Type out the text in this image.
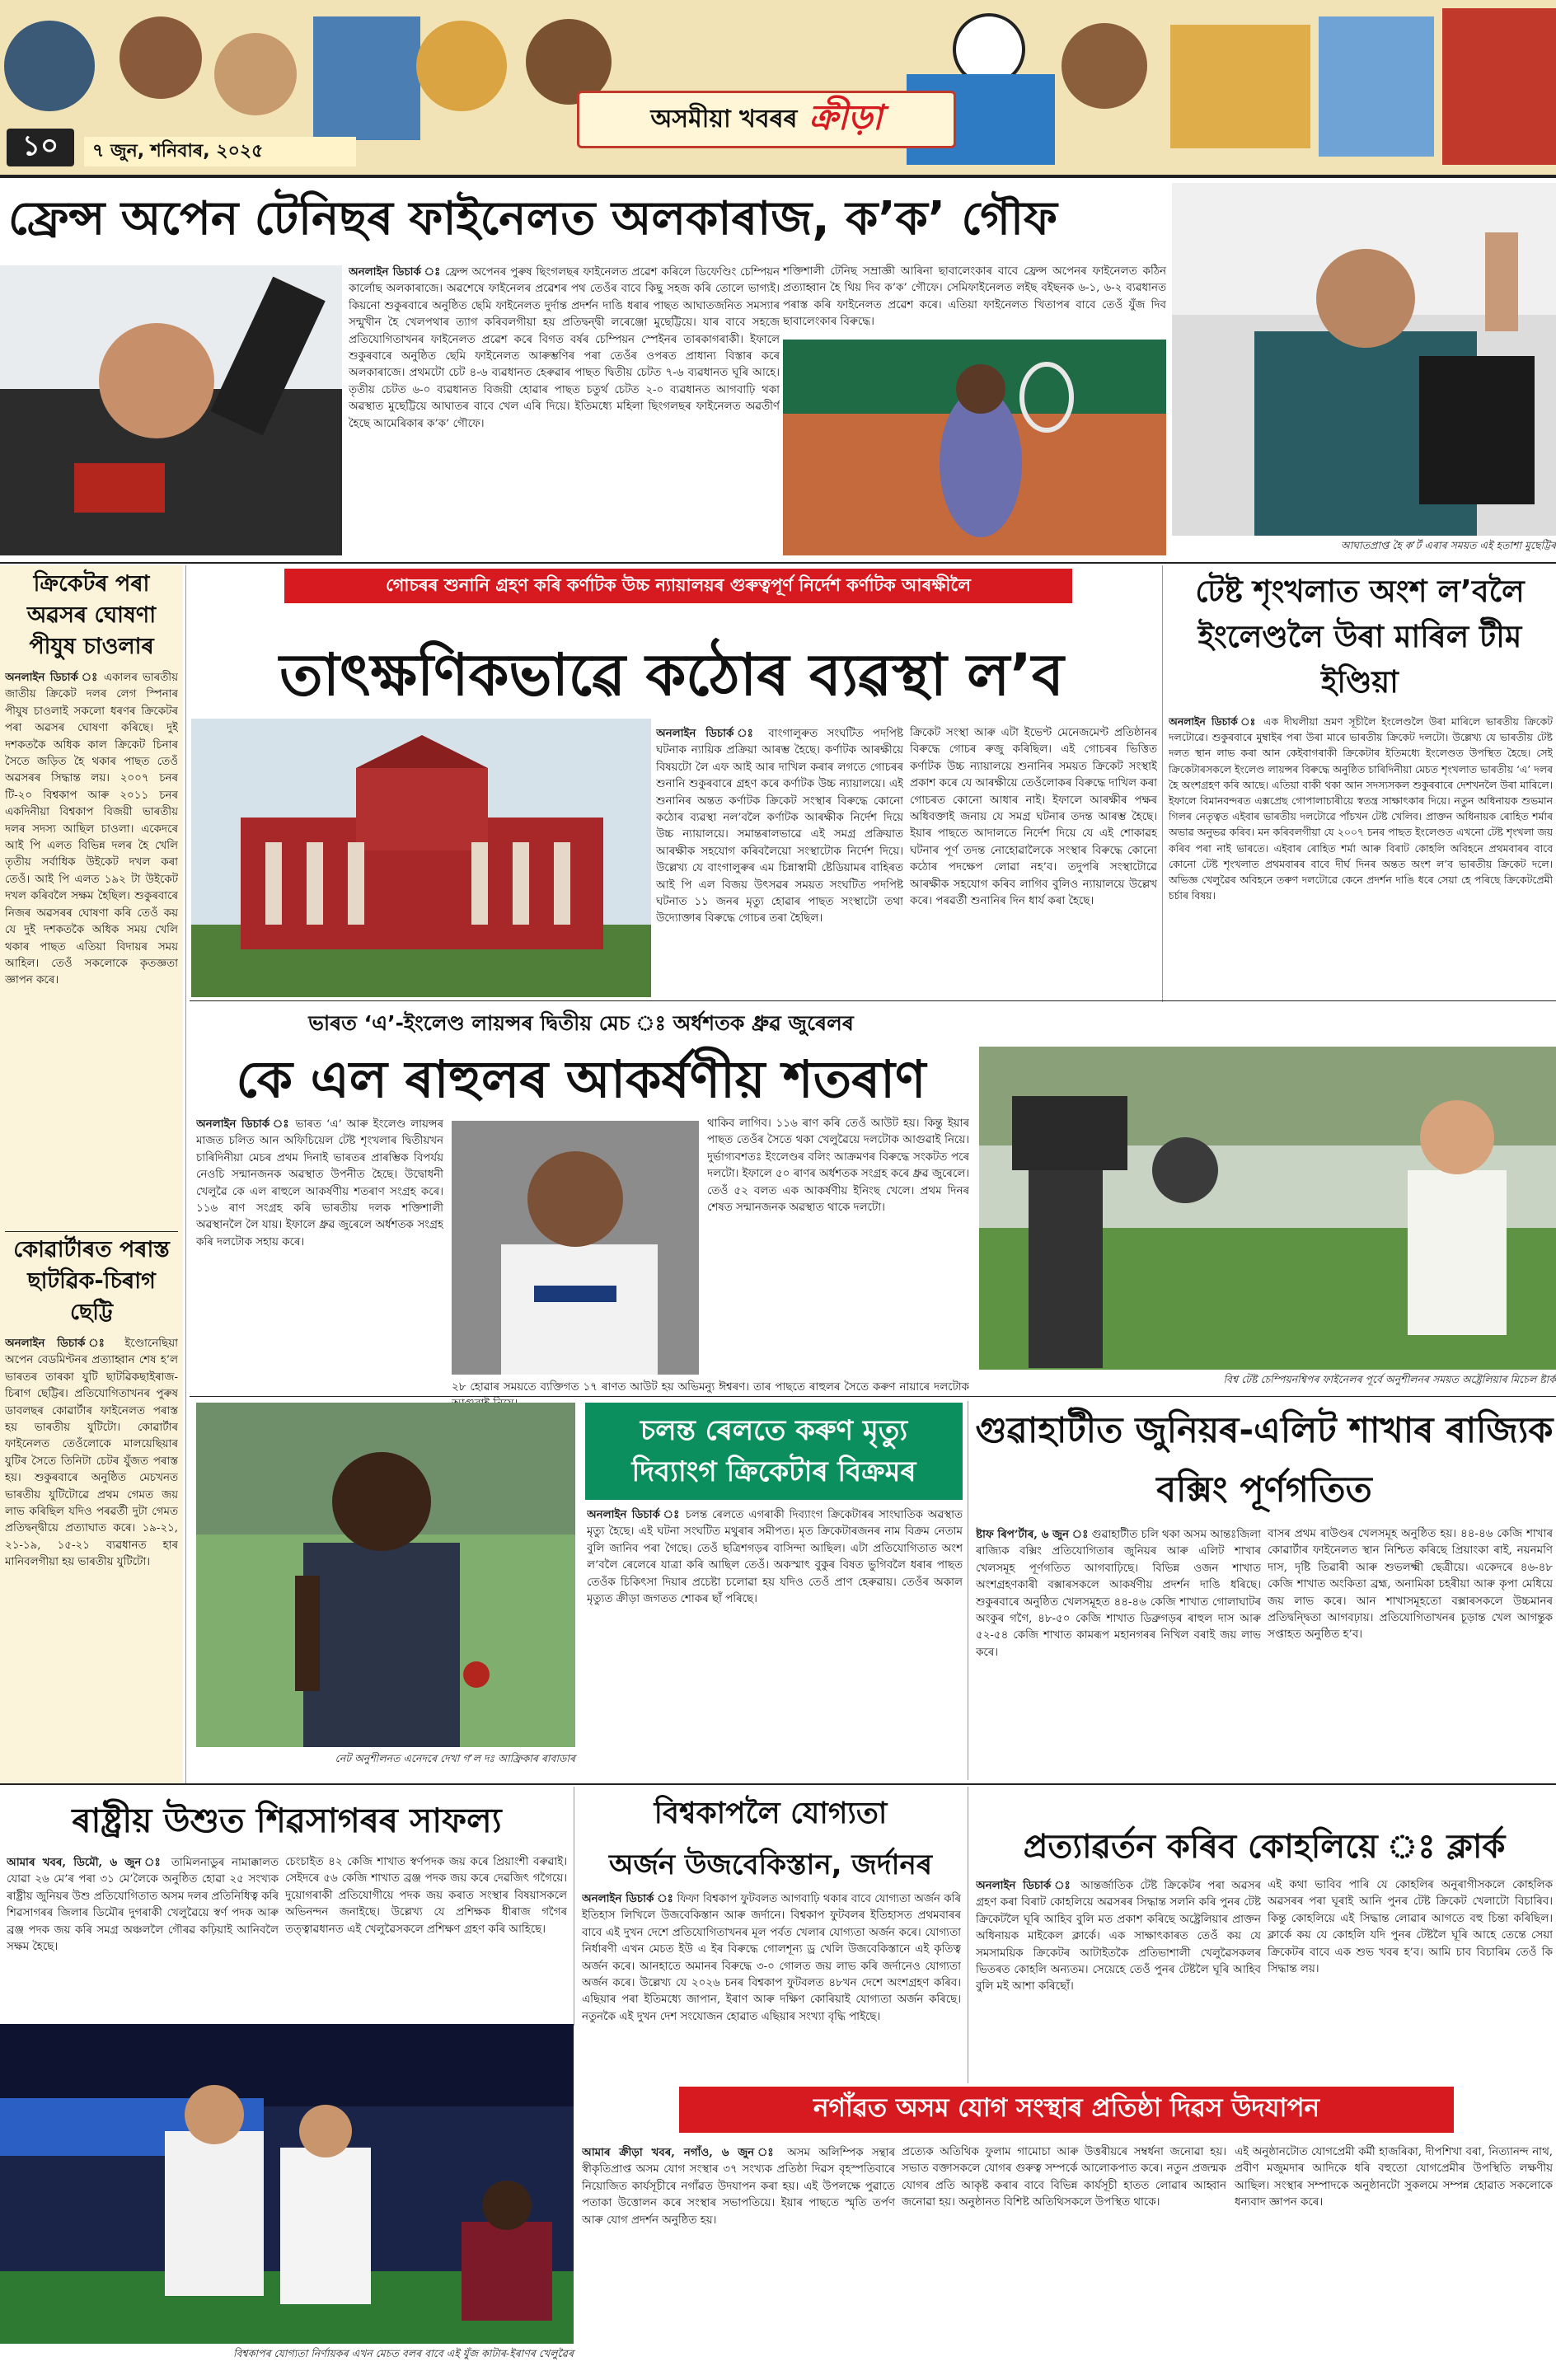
অসমীয়া খবৰৰ ক্ৰীড়া
১০ ৭ জুন, শনিবাৰ, ২০২৫
ফ্ৰেন্স অপেন টেনিছৰ ফাইনেলত অলকাৰাজ, ক’ক’ গৌফ
অনলাইন ডিচাৰ্ক ঃ ফ্ৰেন্স অপেনৰ পুৰুষ ছিংগলছৰ ফাইনেলত প্ৰৱেশ কৰিলে ডিফেণ্ডিং চেম্পিয়ন কাৰ্লোছ অলকাৰাজে। অৱশেষে ফাইনেলৰ প্ৰৱেশৰ পথ তেওঁৰ বাবে কিছু সহজ কৰি তোলে ভাগ্যই। কিয়নো শুকুৰবাৰে অনুষ্ঠিত ছেমি ফাইনেলত দুৰ্দান্ত প্ৰদৰ্শন দাঙি ধৰাৰ পাছত আঘাতজনিত সমস্যাৰ সন্মুখীন হৈ খেলপথাৰ ত্যাগ কৰিবলগীয়া হয় প্ৰতিদ্বন্দ্বী লৰেঞ্জো মুছেট্টিয়ে। যাৰ বাবে সহজে প্ৰতিযোগিতাখনৰ ফাইনেলত প্ৰৱেশ কৰে বিগত বৰ্ষৰ চেম্পিয়ন স্পেইনৰ তাৰকাগৰাকী। ইফালে শুকুৰবাৰে অনুষ্ঠিত ছেমি ফাইনেলত আৰুম্ভণিৰ পৰা তেওঁৰ ওপৰত প্ৰাধান্য বিস্তাৰ কৰে অলকাৰাজে। প্ৰথমটো চেট ৪-৬ ব্যৱধানত হেৰুৱাৰ পাছত দ্বিতীয় চেটত ৭-৬ ব্যৱধানত ঘূৰি আহে। তৃতীয় চেটত ৬-০ ব্যৱধানত বিজয়ী হোৱাৰ পাছত চতুৰ্থ চেটত ২-০ ব্যৱধানত আগবাঢ়ি থকা অৱস্থাত মুছেট্টিয়ে আঘাতৰ বাবে খেল এৰি দিয়ে। ইতিমধ্যে মহিলা ছিংগলছৰ ফাইনেলত অৱতীৰ্ণ হৈছে আমেৰিকাৰ ক’ক’ গৌফে।
শক্তিশালী টেনিছ সম্ৰাজ্ঞী আৰিনা ছাবালেংকাৰ বাবে ফ্ৰেন্স অপেনৰ ফাইনেলত কঠিন প্ৰত্যাহ্বান হৈ থিয় দিব ক’ক’ গৌফে। সেমিফাইনেলত লইছ বইছনক ৬-১, ৬-২ ব্যৱধানত পৰাস্ত কৰি ফাইনেলত প্ৰৱেশ কৰে। এতিয়া ফাইনেলত খিতাপৰ বাবে তেওঁ যুঁজ দিব ছাবালেংকাৰ বিৰুদ্ধে।
আঘাতপ্ৰাপ্ত হৈ ক’ৰ্ট এৰাৰ সময়ত এই হতাশা মুছেট্টিৰ
ক্ৰিকেটৰ পৰা অৱসৰ ঘোষণা পীযুষ চাওলাৰ
অনলাইন ডিচাৰ্ক ঃ একালৰ ভাৰতীয় জাতীয় ক্ৰিকেট দলৰ লেগ স্পিনাৰ পীযুষ চাওলাই সকলো ধৰণৰ ক্ৰিকেটৰ পৰা অৱসৰ ঘোষণা কৰিছে। দুই দশকতকৈ অধিক কাল ক্ৰিকেট চিনাৰ সৈতে জড়িত হৈ থকাৰ পাছত তেওঁ অৱসৰৰ সিদ্ধান্ত লয়। ২০০৭ চনৰ টি-২০ বিশ্বকাপ আৰু ২০১১ চনৰ একদিনীয়া বিশ্বকাপ বিজয়ী ভাৰতীয় দলৰ সদস্য আছিল চাওলা। একেদৰে আই পি এলত বিভিন্ন দলৰ হৈ খেলি তৃতীয় সৰ্বাধিক উইকেট দখল কৰা তেওঁ। আই পি এলত ১৯২ টা উইকেট দখল কৰিবলৈ সক্ষম হৈছিল। শুকুৰবাৰে নিজৰ অৱসৰৰ ঘোষণা কৰি তেওঁ কয় যে দুই দশকতকৈ অধিক সময় খেলি থকাৰ পাছত এতিয়া বিদায়ৰ সময় আহিল। তেওঁ সকলোকে কৃতজ্ঞতা জ্ঞাপন কৰে।
কোৱাৰ্টাৰত পৰাস্ত ছাটৱিক-চিৰাগ ছেট্টি
অনলাইন ডিচাৰ্ক ঃ ইণ্ডোনেছিয়া অপেন বেডমিণ্টনৰ প্ৰত্যাহ্বান শেষ হ’ল ভাৰতৰ তাৰকা যুটি ছাটৱিকছাইৰাজ-চিৰাগ ছেট্টিৰ। প্ৰতিযোগিতাখনৰ পুৰুষ ডাবলছৰ কোৱাৰ্টাৰ ফাইনেলত পৰাস্ত হয় ভাৰতীয় যুটিটো। কোৱাৰ্টাৰ ফাইনেলত তেওঁলোকে মালয়েছিয়াৰ যুটিৰ সৈতে তিনিটা চেটৰ যুঁজত পৰাস্ত হয়। শুকুৰবাৰে অনুষ্ঠিত মেচখনত ভাৰতীয় যুটিটোৱে প্ৰথম গেমত জয় লাভ কৰিছিল যদিও পৰৱৰ্তী দুটা গেমত প্ৰতিদ্বন্দ্বীয়ে প্ৰত্যাঘাত কৰে। ১৯-২১, ২১-১৯, ১৫-২১ ব্যৱধানত হাৰ মানিবলগীয়া হয় ভাৰতীয় যুটিটো।
গোচৰৰ শুনানি গ্ৰহণ কৰি কৰ্ণাটক উচ্চ ন্যায়ালয়ৰ গুৰুত্বপূৰ্ণ নিৰ্দেশ কৰ্ণাটক আৰক্ষীলৈ
তাৎক্ষণিকভাৱে কঠোৰ ব্যৱস্থা ল’ব
অনলাইন ডিচাৰ্ক ঃ বাংগালুৰুত সংঘটিত পদপিষ্ট ঘটনাক ন্যায়িক প্ৰক্ৰিয়া আৰম্ভ হৈছে। কৰ্ণাটক আৰক্ষীয়ে বিষয়টো লৈ এফ আই আৰ দাখিল কৰাৰ লগতে গোচৰৰ শুনানি শুকুৰবাৰে গ্ৰহণ কৰে কৰ্ণাটক উচ্চ ন্যায়ালয়ে। এই শুনানিৰ অন্তত কৰ্ণাটক ক্ৰিকেট সংস্থাৰ বিৰুদ্ধে কোনো কঠোৰ ব্যৱস্থা নল’বলৈ কৰ্ণাটক আৰক্ষীক নিৰ্দেশ দিয়ে উচ্চ ন্যায়ালয়ে। সমান্তৰালভাৱে এই সমগ্ৰ প্ৰক্ৰিয়াত আৰক্ষীক সহযোগ কৰিবলৈয়ো সংস্থাটোক নিৰ্দেশ দিয়ে। উল্লেখ্য যে বাংগালুৰুৰ এম চিন্নাস্বামী ষ্টেডিয়ামৰ বাহিৰত আই পি এল বিজয় উৎসৱৰ সময়ত সংঘটিত পদপিষ্ট ঘটনাত ১১ জনৰ মৃত্যু হোৱাৰ পাছত সংস্থাটো তথা উদ্যোক্তাৰ বিৰুদ্ধে গোচৰ তৰা হৈছিল।
ক্ৰিকেট সংস্থা আৰু এটা ইভেণ্ট মেনেজমেণ্ট প্ৰতিষ্ঠানৰ বিৰুদ্ধে গোচৰ ৰুজু কৰিছিল। এই গোচৰৰ ভিত্তিত কৰ্ণাটক উচ্চ ন্যায়ালয়ে শুনানিৰ সময়ত ক্ৰিকেট সংস্থাই প্ৰকাশ কৰে যে আৰক্ষীয়ে তেওঁলোকৰ বিৰুদ্ধে দাখিল কৰা গোচৰত কোনো আধাৰ নাই। ইফালে আৰক্ষীৰ পক্ষৰ অধিবক্তাই জনায় যে সমগ্ৰ ঘটনাৰ তদন্ত আৰম্ভ হৈছে। ইয়াৰ পাছতে আদালতে নিৰ্দেশ দিয়ে যে এই শোকাৱহ ঘটনাৰ পূৰ্ণ তদন্ত নোহোৱালৈকে সংস্থাৰ বিৰুদ্ধে কোনো কঠোৰ পদক্ষেপ লোৱা নহ’ব। তদুপৰি সংস্থাটোৱে আৰক্ষীক সহযোগ কৰিব লাগিব বুলিও ন্যায়ালয়ে উল্লেখ কৰে। পৰৱৰ্তী শুনানিৰ দিন ধাৰ্য কৰা হৈছে।
টেষ্ট শৃংখলাত অংশ ল’বলৈ ইংলেণ্ডলৈ উৰা মাৰিল টীম ইণ্ডিয়া
অনলাইন ডিচাৰ্ক ঃ এক দীঘলীয়া ভ্ৰমণ সূচীলৈ ইংলেণ্ডলৈ উৰা মাৰিলে ভাৰতীয় ক্ৰিকেট দলটোৱে। শুকুৰবাৰে মুম্বাইৰ পৰা উৰা মাৰে ভাৰতীয় ক্ৰিকেট দলটো। উল্লেখ্য যে ভাৰতীয় টেষ্ট দলত স্থান লাভ কৰা আন কেইবাগৰাকী ক্ৰিকেটাৰ ইতিমধ্যে ইংলেণ্ডত উপস্থিত হৈছে। সেই ক্ৰিকেটাৰসকলে ইংলেণ্ড লায়ন্সৰ বিৰুদ্ধে অনুষ্ঠিত চাৰিদিনীয়া মেচত শৃংখলাত ভাৰতীয় ‘এ’ দলৰ হৈ অংশগ্ৰহণ কৰি আছে। এতিয়া বাকী থকা আন সদস্যসকল শুকুৰবাৰে দেশখনলৈ উৰা মাৰিলে। ইফালে বিমানবন্দৰত এক্সপ্ৰেছ গোপালাচাৰীয়ে স্বতন্ত্ৰ সাক্ষাৎকাৰ দিয়ে। নতুন অধিনায়ক শুভমান গিলৰ নেতৃত্বত এইবাৰ ভাৰতীয় দলটোৱে পাঁচখন টেষ্ট খেলিব। প্ৰাক্তন অধিনায়ক ৰোহিত শৰ্মাৰ অভাৱ অনুভৱ কৰিব। মন কৰিবলগীয়া যে ২০০৭ চনৰ পাছত ইংলেণ্ডত এখনো টেষ্ট শৃংখলা জয় কৰিব পৰা নাই ভাৰতে। এইবাৰ ৰোহিত শৰ্মা আৰু বিৰাট কোহলি অবিহনে প্ৰথমবাৰৰ বাবে কোনো টেষ্ট শৃংখলাত প্ৰথমবাৰৰ বাবে দীৰ্ঘ দিনৰ অন্তত অংশ ল’ব ভাৰতীয় ক্ৰিকেট দলে। অভিজ্ঞ খেলুৱৈৰ অবিহনে তৰুণ দলটোৱে কেনে প্ৰদৰ্শন দাঙি ধৰে সেয়া হে পৰিছে ক্ৰিকেটপ্ৰেমী চৰ্চাৰ বিষয়।
ভাৰত ‘এ’-ইংলেণ্ড লায়ন্সৰ দ্বিতীয় মেচ ঃ অৰ্ধশতক ধ্ৰুৱ জুৰেলৰ
কে এল ৰাহুলৰ আকৰ্ষণীয় শতৰাণ
অনলাইন ডিচাৰ্ক ঃ ভাৰত ‘এ’ আৰু ইংলেণ্ড লায়ন্সৰ মাজত চলিত আন অফিচিয়েল টেষ্ট শৃংখলাৰ দ্বিতীয়খন চাৰিদিনীয়া মেচৰ প্ৰথম দিনাই ভাৰতৰ প্ৰাৰম্ভিক বিপৰ্যয় নেওচি সন্মানজনক অৱস্থাত উপনীত হৈছে। উদ্বোধনী খেলুৱৈ কে এল ৰাহুলে আকৰ্ষণীয় শতৰাণ সংগ্ৰহ কৰে। ১১৬ ৰাণ সংগ্ৰহ কৰি ভাৰতীয় দলক শক্তিশালী অৱস্থানলৈ লৈ যায়। ইফালে ধ্ৰুৱ জুৰেলে অৰ্ধশতক সংগ্ৰহ কৰি দলটোক সহায় কৰে।
থাকিব লাগিব। ১১৬ ৰাণ কৰি তেওঁ আউট হয়। কিন্তু ইয়াৰ পাছত তেওঁৰ সৈতে থকা খেলুৱৈয়ে দলটোক আগুৱাই নিয়ে। দুৰ্ভাগ্যবশতঃ ইংলেণ্ডৰ বলিং আক্ৰমণৰ বিৰুদ্ধে সংকটত পৰে দলটো। ইফালে ৫০ ৰাণৰ অৰ্ধশতক সংগ্ৰহ কৰে ধ্ৰুৱ জুৰেলে। তেওঁ ৫২ বলত এক আকৰ্ষণীয় ইনিংছ খেলে। প্ৰথম দিনৰ শেষত সন্মানজনক অৱস্থাত থাকে দলটো।
২৮ হোৱাৰ সময়তে ব্যক্তিগত ১৭ ৰাণত আউট হয় অভিমন্যু ঈশ্বৰণ। তাৰ পাছতে ৰাহুলৰ সৈতে কৰুণ নায়াৰে দলটোক
বিশ্ব টেষ্ট চেম্পিয়নশ্বিপৰ ফাইনেলৰ পূৰ্বে অনুশীলনৰ সময়ত অষ্ট্ৰেলিয়াৰ মিচেল ষ্টাৰ্ক
নেট অনুশীলনত এনেদৰে দেখা গ’ল দঃ আফ্ৰিকাৰ ৰাবাডাৰ
চলন্ত ৰেলতে কৰুণ মৃত্যু
দিব্যাংগ ক্ৰিকেটাৰ বিক্ৰমৰ
অনলাইন ডিচাৰ্ক ঃ চলন্ত ৰেলতে এগৰাকী দিব্যাংগ ক্ৰিকেটাৰৰ সাংঘাতিক অৱস্থাত মৃত্যু হৈছে। এই ঘটনা সংঘটিত মথুৰাৰ সমীপত। মৃত ক্ৰিকেটাৰজনৰ নাম বিক্ৰম নেতাম বুলি জানিব পৰা গৈছে। তেওঁ ছত্ৰিশগড়ৰ বাসিন্দা আছিল। এটা প্ৰতিযোগিতাত অংশ ল’বলৈ ৰেলেৰে যাত্ৰা কৰি আছিল তেওঁ। অকস্মাৎ বুকুৰ বিষত ভুগিবলৈ ধৰাৰ পাছত তেওঁক চিকিৎসা দিয়াৰ প্ৰচেষ্টা চলোৱা হয় যদিও তেওঁ প্ৰাণ হেৰুৱায়। তেওঁৰ অকাল মৃত্যুত ক্ৰীড়া জগতত শোকৰ ছাঁ পৰিছে।
গুৱাহাটীত জুনিয়ৰ-এলিট শাখাৰ ৰাজ্যিক বক্সিং পূৰ্ণগতিত
ষ্টাফ ৰিপ’ৰ্টাৰ, ৬ জুন ঃ গুৱাহাটীত চলি থকা অসম আন্তঃজিলা ৰাজ্যিক বক্সিং প্ৰতিযোগিতাৰ জুনিয়ৰ আৰু এলিট শাখাৰ খেলসমূহ পূৰ্ণগতিত আগবাঢ়িছে। বিভিন্ন ওজন শাখাত অংশগ্ৰহণকাৰী বক্সাৰসকলে আকৰ্ষণীয় প্ৰদৰ্শন দাঙি ধৰিছে। শুকুৰবাৰে অনুষ্ঠিত খেলসমূহত ৪৪-৪৬ কেজি শাখাত গোলাঘাটৰ অংকুৰ গগৈ, ৪৮-৫০ কেজি শাখাত ডিব্ৰুগড়ৰ ৰাহুল দাস আৰু ৫২-৫৪ কেজি শাখাত কামৰূপ মহানগৰৰ নিখিল বৰাই জয় লাভ কৰে।
বাসৰ প্ৰথম ৰাউণ্ডৰ খেলসমূহ অনুষ্ঠিত হয়। ৪৪-৪৬ কেজি শাখাৰ কোৱাৰ্টাৰ ফাইনেলত স্থান নিশ্চিত কৰিছে প্ৰিয়াংকা ৰাই, নয়নমণি দাস, দৃষ্টি তিৱাৰী আৰু শুভলক্ষ্মী ছেত্ৰীয়ে। একেদৰে ৪৬-৪৮ কেজি শাখাত অংকিতা ব্ৰহ্ম, অনামিকা চহৰীয়া আৰু কৃপা মেধিয়ে জয় লাভ কৰে। আন শাখাসমূহতো বক্সাৰসকলে উচ্চমানৰ প্ৰতিদ্বন্দ্বিতা আগবঢ়ায়। প্ৰতিযোগিতাখনৰ চূড়ান্ত খেল আগন্তুক সপ্তাহত অনুষ্ঠিত হ’ব।
ৰাষ্ট্ৰীয় উশুত শিৱসাগৰৰ সাফল্য
আমাৰ খবৰ, ডিমৌ, ৬ জুন ঃ তামিলনাডুৰ নামাক্কালত যোৱা ২৬ মে’ৰ পৰা ৩১ মে’লৈকে অনুষ্ঠিত হোৱা ২৫ সংখ্যক ৰাষ্ট্ৰীয় জুনিয়ৰ উশু প্ৰতিযোগিতাত অসম দলৰ প্ৰতিনিধিত্ব কৰি শিৱসাগৰৰ জিলাৰ ডিমৌৰ দুগৰাকী খেলুৱৈয়ে স্বৰ্ণ পদক আৰু ব্ৰঞ্জ পদক জয় কৰি সমগ্ৰ অঞ্চললৈ গৌৰৱ কঢ়িয়াই আনিবলৈ সক্ষম হৈছে।
চেংচাইত ৪২ কেজি শাখাত স্বৰ্ণপদক জয় কৰে প্ৰিয়াংশী বৰুৱাই। সেইদৰে ৫৬ কেজি শাখাত ব্ৰঞ্জ পদক জয় কৰে দেৱজিৎ গগৈয়ে। দুয়োগৰাকী প্ৰতিযোগীয়ে পদক জয় কৰাত সংস্থাৰ বিষয়াসকলে অভিনন্দন জনাইছে। উল্লেখ্য যে প্ৰশিক্ষক ধীৰাজ গগৈৰ তত্ত্বাৱধানত এই খেলুৱৈসকলে প্ৰশিক্ষণ গ্ৰহণ কৰি আহিছে।
বিশ্বকাপলৈ যোগ্যতা
অৰ্জন উজবেকিস্তান, জৰ্দানৰ
অনলাইন ডিচাৰ্ক ঃ ফিফা বিশ্বকাপ ফুটবলত আগবাঢ়ি থকাৰ বাবে যোগ্যতা অৰ্জন কৰি ইতিহাস লিখিলে উজবেকিস্তান আৰু জৰ্দানে। বিশ্বকাপ ফুটবলৰ ইতিহাসত প্ৰথমবাৰৰ বাবে এই দুখন দেশে প্ৰতিযোগিতাখনৰ মূল পৰ্বত খেলাৰ যোগ্যতা অৰ্জন কৰে। যোগ্যতা নিৰ্ধাৰণী এখন মেচত ইউ এ ইৰ বিৰুদ্ধে গোলশূন্য ড্ৰ খেলি উজবেকিস্তানে এই কৃতিত্ব অৰ্জন কৰে। আনহাতে অমানৰ বিৰুদ্ধে ৩-০ গোলত জয় লাভ কৰি জৰ্দানেও যোগ্যতা অৰ্জন কৰে। উল্লেখ্য যে ২০২৬ চনৰ বিশ্বকাপ ফুটবলত ৪৮খন দেশে অংশগ্ৰহণ কৰিব। এছিয়াৰ পৰা ইতিমধ্যে জাপান, ইৰাণ আৰু দক্ষিণ কোৰিয়াই যোগ্যতা অৰ্জন কৰিছে। নতুনকৈ এই দুখন দেশ সংযোজন হোৱাত এছিয়াৰ সংখ্যা বৃদ্ধি পাইছে।
প্ৰত্যাৱৰ্তন কৰিব কোহলিয়ে ঃ ক্লাৰ্ক
অনলাইন ডিচাৰ্ক ঃ আন্তৰ্জাতিক টেষ্ট ক্ৰিকেটৰ পৰা অৱসৰ গ্ৰহণ কৰা বিৰাট কোহলিয়ে অৱসৰৰ সিদ্ধান্ত সলনি কৰি পুনৰ টেষ্ট ক্ৰিকেটলৈ ঘূৰি আহিব বুলি মত প্ৰকাশ কৰিছে অষ্ট্ৰেলিয়াৰ প্ৰাক্তন অধিনায়ক মাইকেল ক্লাৰ্কে। এক সাক্ষাৎকাৰত তেওঁ কয় যে সমসাময়িক ক্ৰিকেটৰ আটাইতকৈ প্ৰতিভাশালী খেলুৱৈসকলৰ ভিতৰত কোহলি অন্যতম। সেয়েহে তেওঁ পুনৰ টেষ্টলৈ ঘূৰি আহিব বুলি মই আশা কৰিছোঁ।
এই কথা ভাবিব পাৰি যে কোহলিৰ অনুৰাগীসকলে কোহলিক অৱসৰৰ পৰা ঘূৰাই আনি পুনৰ টেষ্ট ক্ৰিকেট খেলাটো বিচাৰিব। কিন্তু কোহলিয়ে এই সিদ্ধান্ত লোৱাৰ আগতে বহু চিন্তা কৰিছিল। ক্লাৰ্কে কয় যে কোহলি যদি পুনৰ টেষ্টলৈ ঘূৰি আহে তেন্তে সেয়া ক্ৰিকেটৰ বাবে এক শুভ খবৰ হ’ব। আমি চাব বিচাৰিম তেওঁ কি সিদ্ধান্ত লয়।
বিশ্বকাপৰ যোগ্যতা নিৰ্ণায়কৰ এখন মেচত বলৰ বাবে এই যুঁজ কাটাৰ-ইৰাণৰ খেলুৱৈৰ
নগাঁৱত অসম যোগ সংস্থাৰ প্ৰতিষ্ঠা দিৱস উদযাপন
আমাৰ ক্ৰীড়া খবৰ, নগাঁও, ৬ জুন ঃ অসম অলিম্পিক সন্থাৰ স্বীকৃতিপ্ৰাপ্ত অসম যোগ সংস্থাৰ ৩৭ সংখ্যক প্ৰতিষ্ঠা দিৱস বৃহস্পতিবাৰে নিয়োজিত কাৰ্যসূচীৰে নগাঁৱত উদযাপন কৰা হয়। এই উপলক্ষে পুৱাতে পতাকা উত্তোলন কৰে সংস্থাৰ সভাপতিয়ে। ইয়াৰ পাছতে স্মৃতি তৰ্পণ আৰু যোগ প্ৰদৰ্শন অনুষ্ঠিত হয়।
প্ৰত্যেক অতিথিক ফুলাম গামোচা আৰু উত্তৰীয়ৰে সম্বৰ্ধনা জনোৱা হয়। সভাত বক্তাসকলে যোগৰ গুৰুত্ব সম্পৰ্কে আলোকপাত কৰে। নতুন প্ৰজন্মক যোগৰ প্ৰতি আকৃষ্ট কৰাৰ বাবে বিভিন্ন কাৰ্যসূচী হাতত লোৱাৰ আহ্বান জনোৱা হয়। অনুষ্ঠানত বিশিষ্ট অতিথিসকলে উপস্থিত থাকে।
এই অনুষ্ঠানটোত যোগপ্ৰেমী কৰ্মী হাজৰিকা, দীপশিখা বৰা, নিত্যানন্দ নাথ, প্ৰবীণ মজুমদাৰ আদিকে ধৰি বহুতো যোগপ্ৰেমীৰ উপস্থিতি লক্ষণীয় আছিল। সংস্থাৰ সম্পাদকে অনুষ্ঠানটো সুকলমে সম্পন্ন হোৱাত সকলোকে ধন্যবাদ জ্ঞাপন কৰে।
